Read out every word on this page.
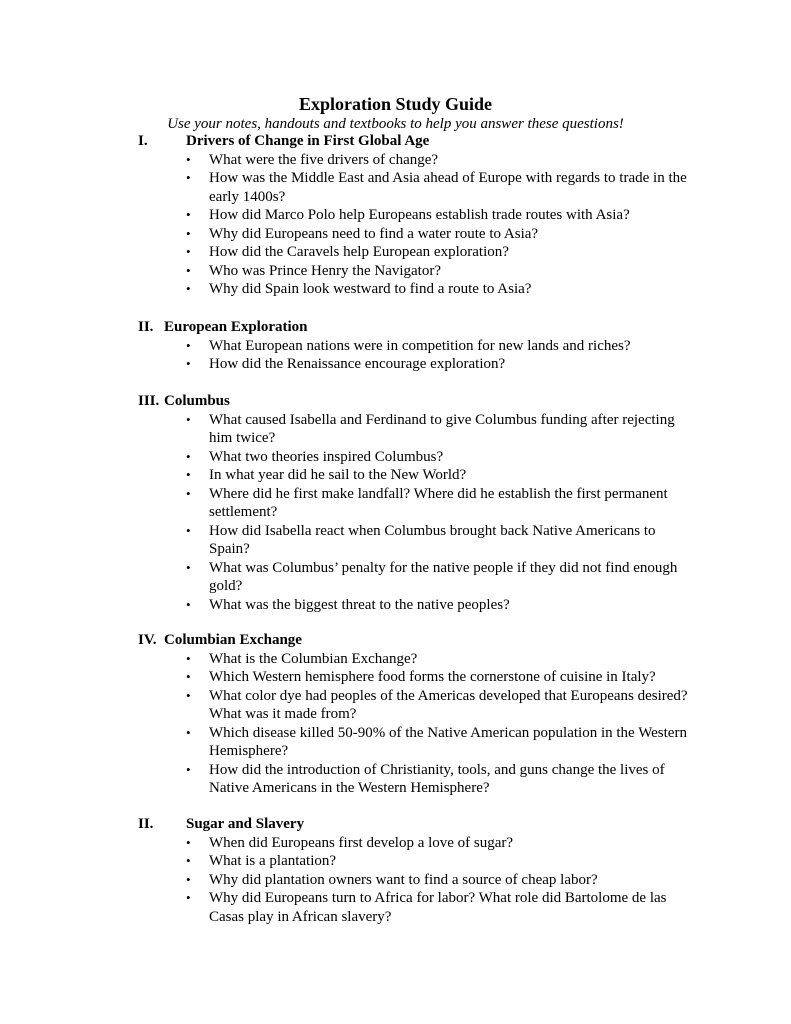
Exploration Study Guide
Use your notes, handouts and textbooks to help you answer these questions!
I.	Drivers of Change in First Global Age
• What were the five drivers of change?
• How was the Middle East and Asia ahead of Europe with regards to trade in the early 1400s?
• How did Marco Polo help Europeans establish trade routes with Asia?
• Why did Europeans need to find a water route to Asia?
• How did the Caravels help European exploration?
• Who was Prince Henry the Navigator?
• Why did Spain look westward to find a route to Asia?
II. European Exploration
• What European nations were in competition for new lands and riches?
• How did the Renaissance encourage exploration?
III. Columbus
• What caused Isabella and Ferdinand to give Columbus funding after rejecting him twice?
• What two theories inspired Columbus?
• In what year did he sail to the New World?
• Where did he first make landfall? Where did he establish the first permanent settlement?
• How did Isabella react when Columbus brought back Native Americans to Spain?
• What was Columbus’ penalty for the native people if they did not find enough gold?
• What was the biggest threat to the native peoples?
IV. Columbian Exchange
• What is the Columbian Exchange?
• Which Western hemisphere food forms the cornerstone of cuisine in Italy?
• What color dye had peoples of the Americas developed that Europeans desired? What was it made from?
• Which disease killed 50-90% of the Native American population in the Western Hemisphere?
• How did the introduction of Christianity, tools, and guns change the lives of Native Americans in the Western Hemisphere?
II. Sugar and Slavery
• When did Europeans first develop a love of sugar?
• What is a plantation?
• Why did plantation owners want to find a source of cheap labor?
• Why did Europeans turn to Africa for labor? What role did Bartolome de las Casas play in African slavery?
